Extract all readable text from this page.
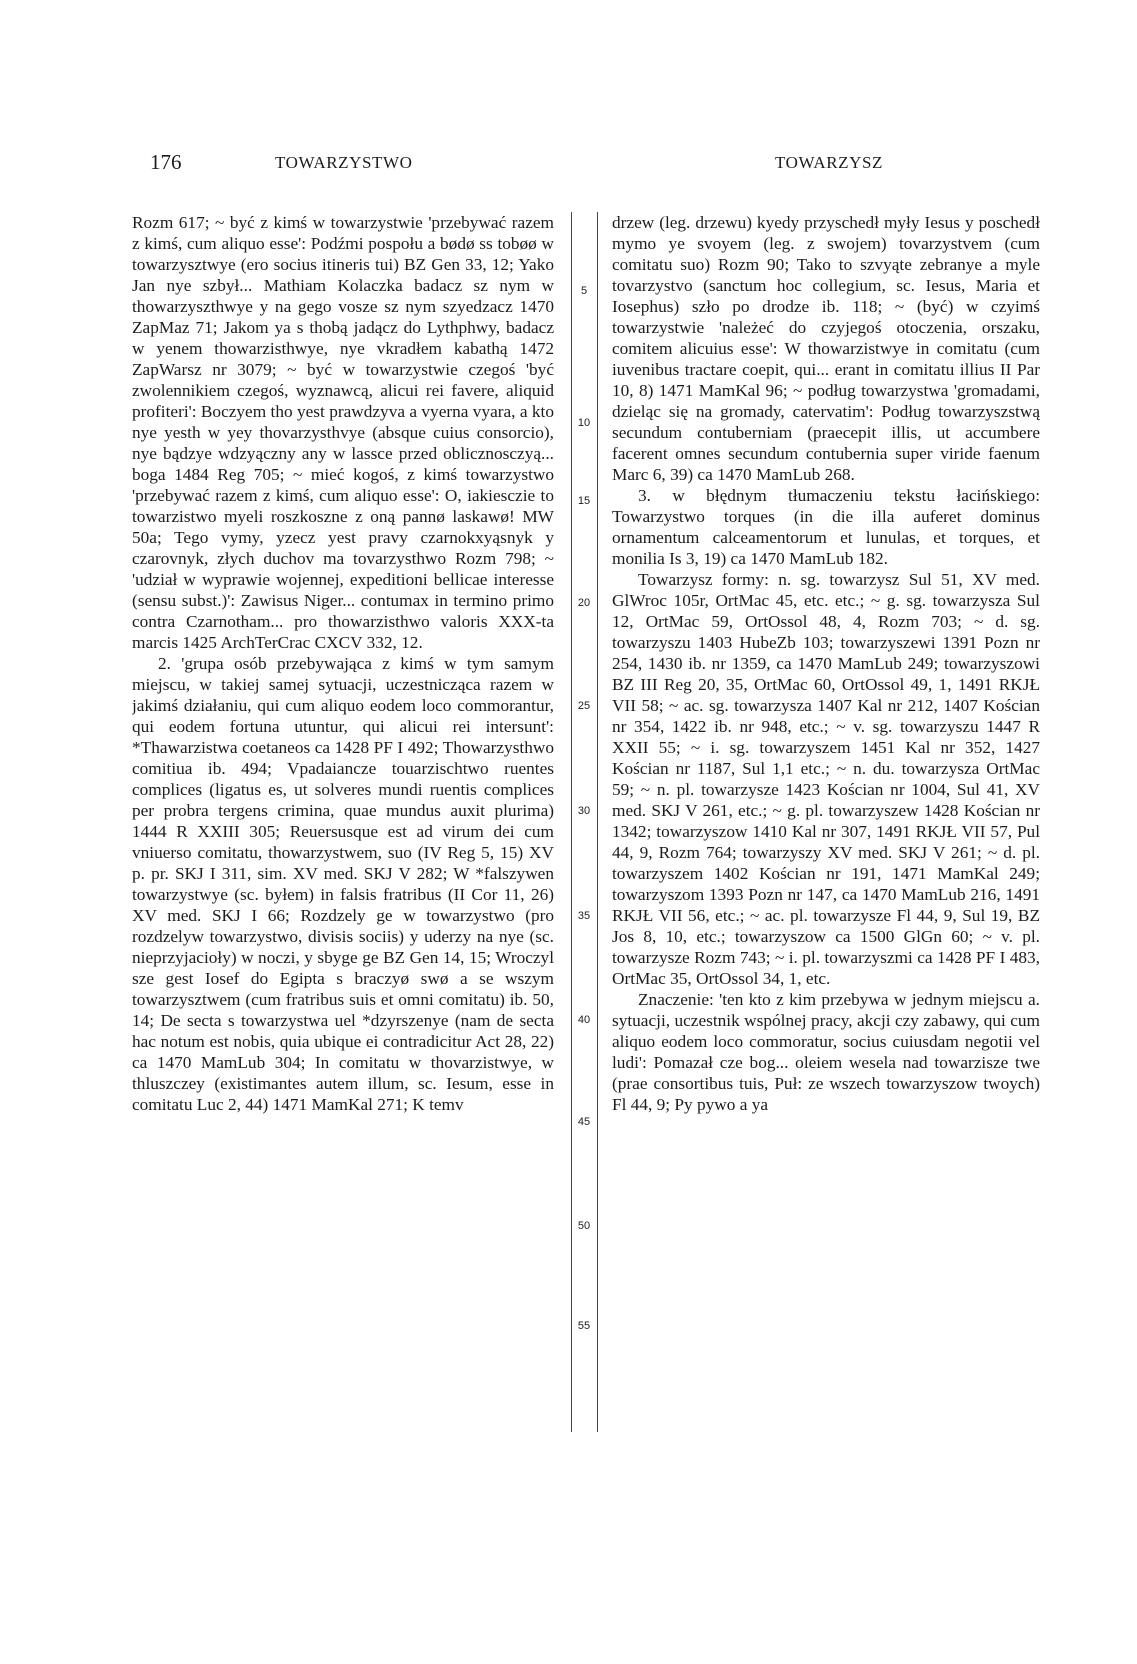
176	TOWARZYSTWO	TOWARZYSZ

Rozm 617; ~ być z kimś w towarzystwie 'przebywać razem z kimś, cum aliquo esse': Podźmi pospołu a bødø ss tobøø w towarzysztwye (ero socius itineris tui) BZ Gen 33, 12; Yako Jan nye szbył... Mathiam Kolaczka badacz sz nym w thowarzyszthwye y na gego vosze sz nym szyedzacz 1470 ZapMaz 71; Jakom ya s thobą jadącz do Lythphwy, badacz w yenem thowarzisthwye, nye vkradłem kabathą 1472 ZapWarsz nr 3079; ~ być w towarzystwie czegoś 'być zwolennikiem czegoś, wyznawcą, alicui rei favere, aliquid profiteri': Boczyem tho yest prawdzyva a vyerna vyara, a kto nye yesth w yey thovarzysthvye (absque cuius consorcio), nye bądzye wdzyączny any w lassce przed oblicznosczyą... boga 1484 Reg 705; ~ mieć kogoś, z kimś towarzystwo 'przebywać razem z kimś, cum aliquo esse': O, iakiesczie to towarzistwo myeli roszkoszne z oną pannø laskawø! MW 50a; Tego vymy, yzecz yest pravy czarnokxyąsnyk y czarovnyk, złych duchov ma tovarzysthwo Rozm 798; ~ 'udział w wyprawie wojennej, expeditioni bellicae interesse (sensu subst.)': Zawisus Niger... contumax in termino primo contra Czarnotham... pro thowarzisthwo valoris XXX-ta marcis 1425 ArchTerCrac CXCV 332, 12.

2. 'grupa osób przebywająca z kimś w tym samym miejscu, w takiej samej sytuacji, uczestnicząca razem w jakimś działaniu, qui cum aliquo eodem loco commorantur, qui eodem fortuna utuntur, qui alicui rei intersunt': *Thawarzistwa coetaneos ca 1428 PF I 492; Thowarzysthwo comitiua ib. 494; Vpadaiancze touarzischtwo ruentes complices (ligatus es, ut solveres mundi ruentis complices per probra tergens crimina, quae mundus auxit plurima) 1444 R XXIII 305; Reuersusque est ad virum dei cum vniuerso comitatu, thowarzystwem, suo (IV Reg 5, 15) XV p. pr. SKJ I 311, sim. XV med. SKJ V 282; W *falszywen towarzystwye (sc. byłem) in falsis fratribus (II Cor 11, 26) XV med. SKJ I 66; Rozdzely ge w towarzystwo (pro rozdzelyw towarzystwo, divisis sociis) y uderzy na nye (sc. nieprzyjacioły) w noczi, y sbyge ge BZ Gen 14, 15; Wroczyl sze gest Iosef do Egipta s braczyø swø a se wszym towarzysztwem (cum fratribus suis et omni comitatu) ib. 50, 14; De secta s towarzystwa uel *dzyrszenye (nam de secta hac notum est nobis, quia ubique ei contradicitur Act 28, 22) ca 1470 MamLub 304; In comitatu w thovarzistwye, w thluszczey (existimantes autem illum, sc. Iesum, esse in comitatu Luc 2, 44) 1471 MamKal 271; K temv

5
10
15
20
25
30
35
40
45
50
55

drzew (leg. drzewu) kyedy przyschedł myły Iesus y poschedł mymo ye svoyem (leg. z swojem) tovarzystvem (cum comitatu suo) Rozm 90; Tako to szvyąte zebranye a myle tovarzystvo (sanctum hoc collegium, sc. Iesus, Maria et Iosephus) szło po drodze ib. 118; ~ (być) w czyimś towarzystwie 'należeć do czyjegoś otoczenia, orszaku, comitem alicuius esse': W thowarzistwye in comitatu (cum iuvenibus tractare coepit, qui... erant in comitatu illius II Par 10, 8) 1471 MamKal 96; ~ podług towarzystwa 'gromadami, dzieląc się na gromady, catervatim': Podług towarzyszstwą secundum contuberniam (praecepit illis, ut accumbere facerent omnes secundum contubernia super viride faenum Marc 6, 39) ca 1470 MamLub 268.

3. w błędnym tłumaczeniu tekstu łacińskiego: Towarzystwo torques (in die illa auferet dominus ornamentum calceamentorum et lunulas, et torques, et monilia Is 3, 19) ca 1470 MamLub 182.

Towarzysz formy: n. sg. towarzysz Sul 51, XV med. GlWroc 105r, OrtMac 45, etc. etc.; ~ g. sg. towarzysza Sul 12, OrtMac 59, OrtOssol 48, 4, Rozm 703; ~ d. sg. towarzyszu 1403 HubeZb 103; towarzyszewi 1391 Pozn nr 254, 1430 ib. nr 1359, ca 1470 MamLub 249; towarzyszowi BZ III Reg 20, 35, OrtMac 60, OrtOssol 49, 1, 1491 RKJŁ VII 58; ~ ac. sg. towarzysza 1407 Kal nr 212, 1407 Kościan nr 354, 1422 ib. nr 948, etc.; ~ v. sg. towarzyszu 1447 R XXII 55; ~ i. sg. towarzyszem 1451 Kal nr 352, 1427 Kościan nr 1187, Sul 1,1 etc.; ~ n. du. towarzysza OrtMac 59; ~ n. pl. towarzysze 1423 Kościan nr 1004, Sul 41, XV med. SKJ V 261, etc.; ~ g. pl. towarzyszew 1428 Kościan nr 1342; towarzyszow 1410 Kal nr 307, 1491 RKJŁ VII 57, Pul 44, 9, Rozm 764; towarzyszy XV med. SKJ V 261; ~ d. pl. towarzyszem 1402 Kościan nr 191, 1471 MamKal 249; towarzyszom 1393 Pozn nr 147, ca 1470 MamLub 216, 1491 RKJŁ VII 56, etc.; ~ ac. pl. towarzysze Fl 44, 9, Sul 19, BZ Jos 8, 10, etc.; towarzyszow ca 1500 GlGn 60; ~ v. pl. towarzysze Rozm 743; ~ i. pl. towarzyszmi ca 1428 PF I 483, OrtMac 35, OrtOssol 34, 1, etc.

Znaczenie: 'ten kto z kim przebywa w jednym miejscu a. sytuacji, uczestnik wspólnej pracy, akcji czy zabawy, qui cum aliquo eodem loco commoratur, socius cuiusdam negotii vel ludi': Pomazał cze bog... oleiem wesela nad towarzisze twe (prae consortibus tuis, Puł: ze wszech towarzyszow twoych) Fl 44, 9; Py pywo a ya
